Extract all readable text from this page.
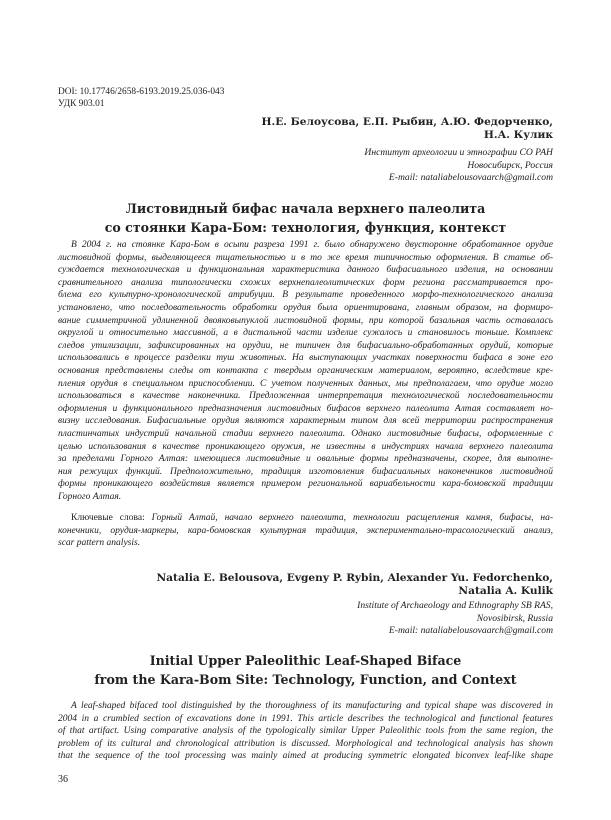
DOI: 10.17746/2658-6193.2019.25.036-043
УДК 903.01
Н.Е. Белоусова, Е.П. Рыбин, А.Ю. Федорченко,
Н.А. Кулик
Институт археологии и этнографии СО РАН
Новосибирск, Россия
E-mail: nataliabelousovaarch@gmail.com
Листовидный бифас начала верхнего палеолита
со стоянки Кара-Бом: технология, функция, контекст
В 2004 г. на стоянке Кара-Бом в осыпи разреза 1991 г. было обнаружено двусторонне обработанное орудие
листовидной формы, выделяющееся тщательностью и в то же время типичностью оформления. В статье об-
суждается технологическая и функциональная характеристика данного бифасиального изделия, на основании
сравнительного анализа типологически схожих верхнепалеолитических форм региона рассматривается про-
блема его культурно-хронологической атрибуции. В результате проведенного морфо-технологического анализа
установлено, что последовательность обработки орудия была ориентирована, главным образом, на формиро-
вание симметричной удлиненной двояковыпуклой листовидной формы, при которой базальная часть оставалась
округлой и относительно массивной, а в дистальной части изделие сужалось и становилось тоньше. Комплекс
следов утилизации, зафиксированных на орудии, не типичен для бифасиально-обработанных орудий, которые
использовались в процессе разделки туш животных. На выступающих участках поверхности бифаса в зоне его
основания представлены следы от контакта с твердым органическим материалом, вероятно, вследствие кре-
пления орудия в специальном приспособлении. С учетом полученных данных, мы предполагаем, что орудие могло
использоваться в качестве наконечника. Предложенная интерпретация технологической последовательности
оформления и функционального предназначения листовидных бифасов верхнего палеолита Алтая составляет но-
визну исследования. Бифасиальные орудия являются характерным типом для всей территории распространения
пластинчатых индустрий начальной стадии верхнего палеолита. Однако листовидные бифасы, оформленные с
целью использования в качестве проникающего оружия, не известны в индустриях начала верхнего палеолита
за пределами Горного Алтая: имеющиеся листовидные и овальные формы предназначены, скорее, для выполне-
ния режущих функций. Предположительно, традиция изготовления бифасиальных наконечников листовидной
формы проникающего воздействия является примером региональной вариабельности кара-бомовской традиции
Горного Алтая.
Ключевые слова: Горный Алтай, начало верхнего палеолита, технологии расщепления камня, бифасы, на-
конечники, орудия-маркеры, кара-бомовская культурная традиция, экспериментально-трасологический анализ,
scar pattern analysis.
Natalia E. Belousova, Evgeny P. Rybin, Alexander Yu. Fedorchenko,
Natalia A. Kulik
Institute of Archaeology and Ethnography SB RAS,
Novosibirsk, Russia
E-mail: nataliabelousovaarch@gmail.com
Initial Upper Paleolithic Leaf-Shaped Biface
from the Kara-Bom Site: Technology, Function, and Context
A leaf-shaped bifaced tool distinguished by the thoroughness of its manufacturing and typical shape was discovered in
2004 in a crumbled section of excavations done in 1991. This article describes the technological and functional features
of that artifact. Using comparative analysis of the typologically similar Upper Paleolithic tools from the same region, the
problem of its cultural and chronological attribution is discussed. Morphological and technological analysis has shown
that the sequence of the tool processing was mainly aimed at producing symmetric elongated biconvex leaf-like shape
36
